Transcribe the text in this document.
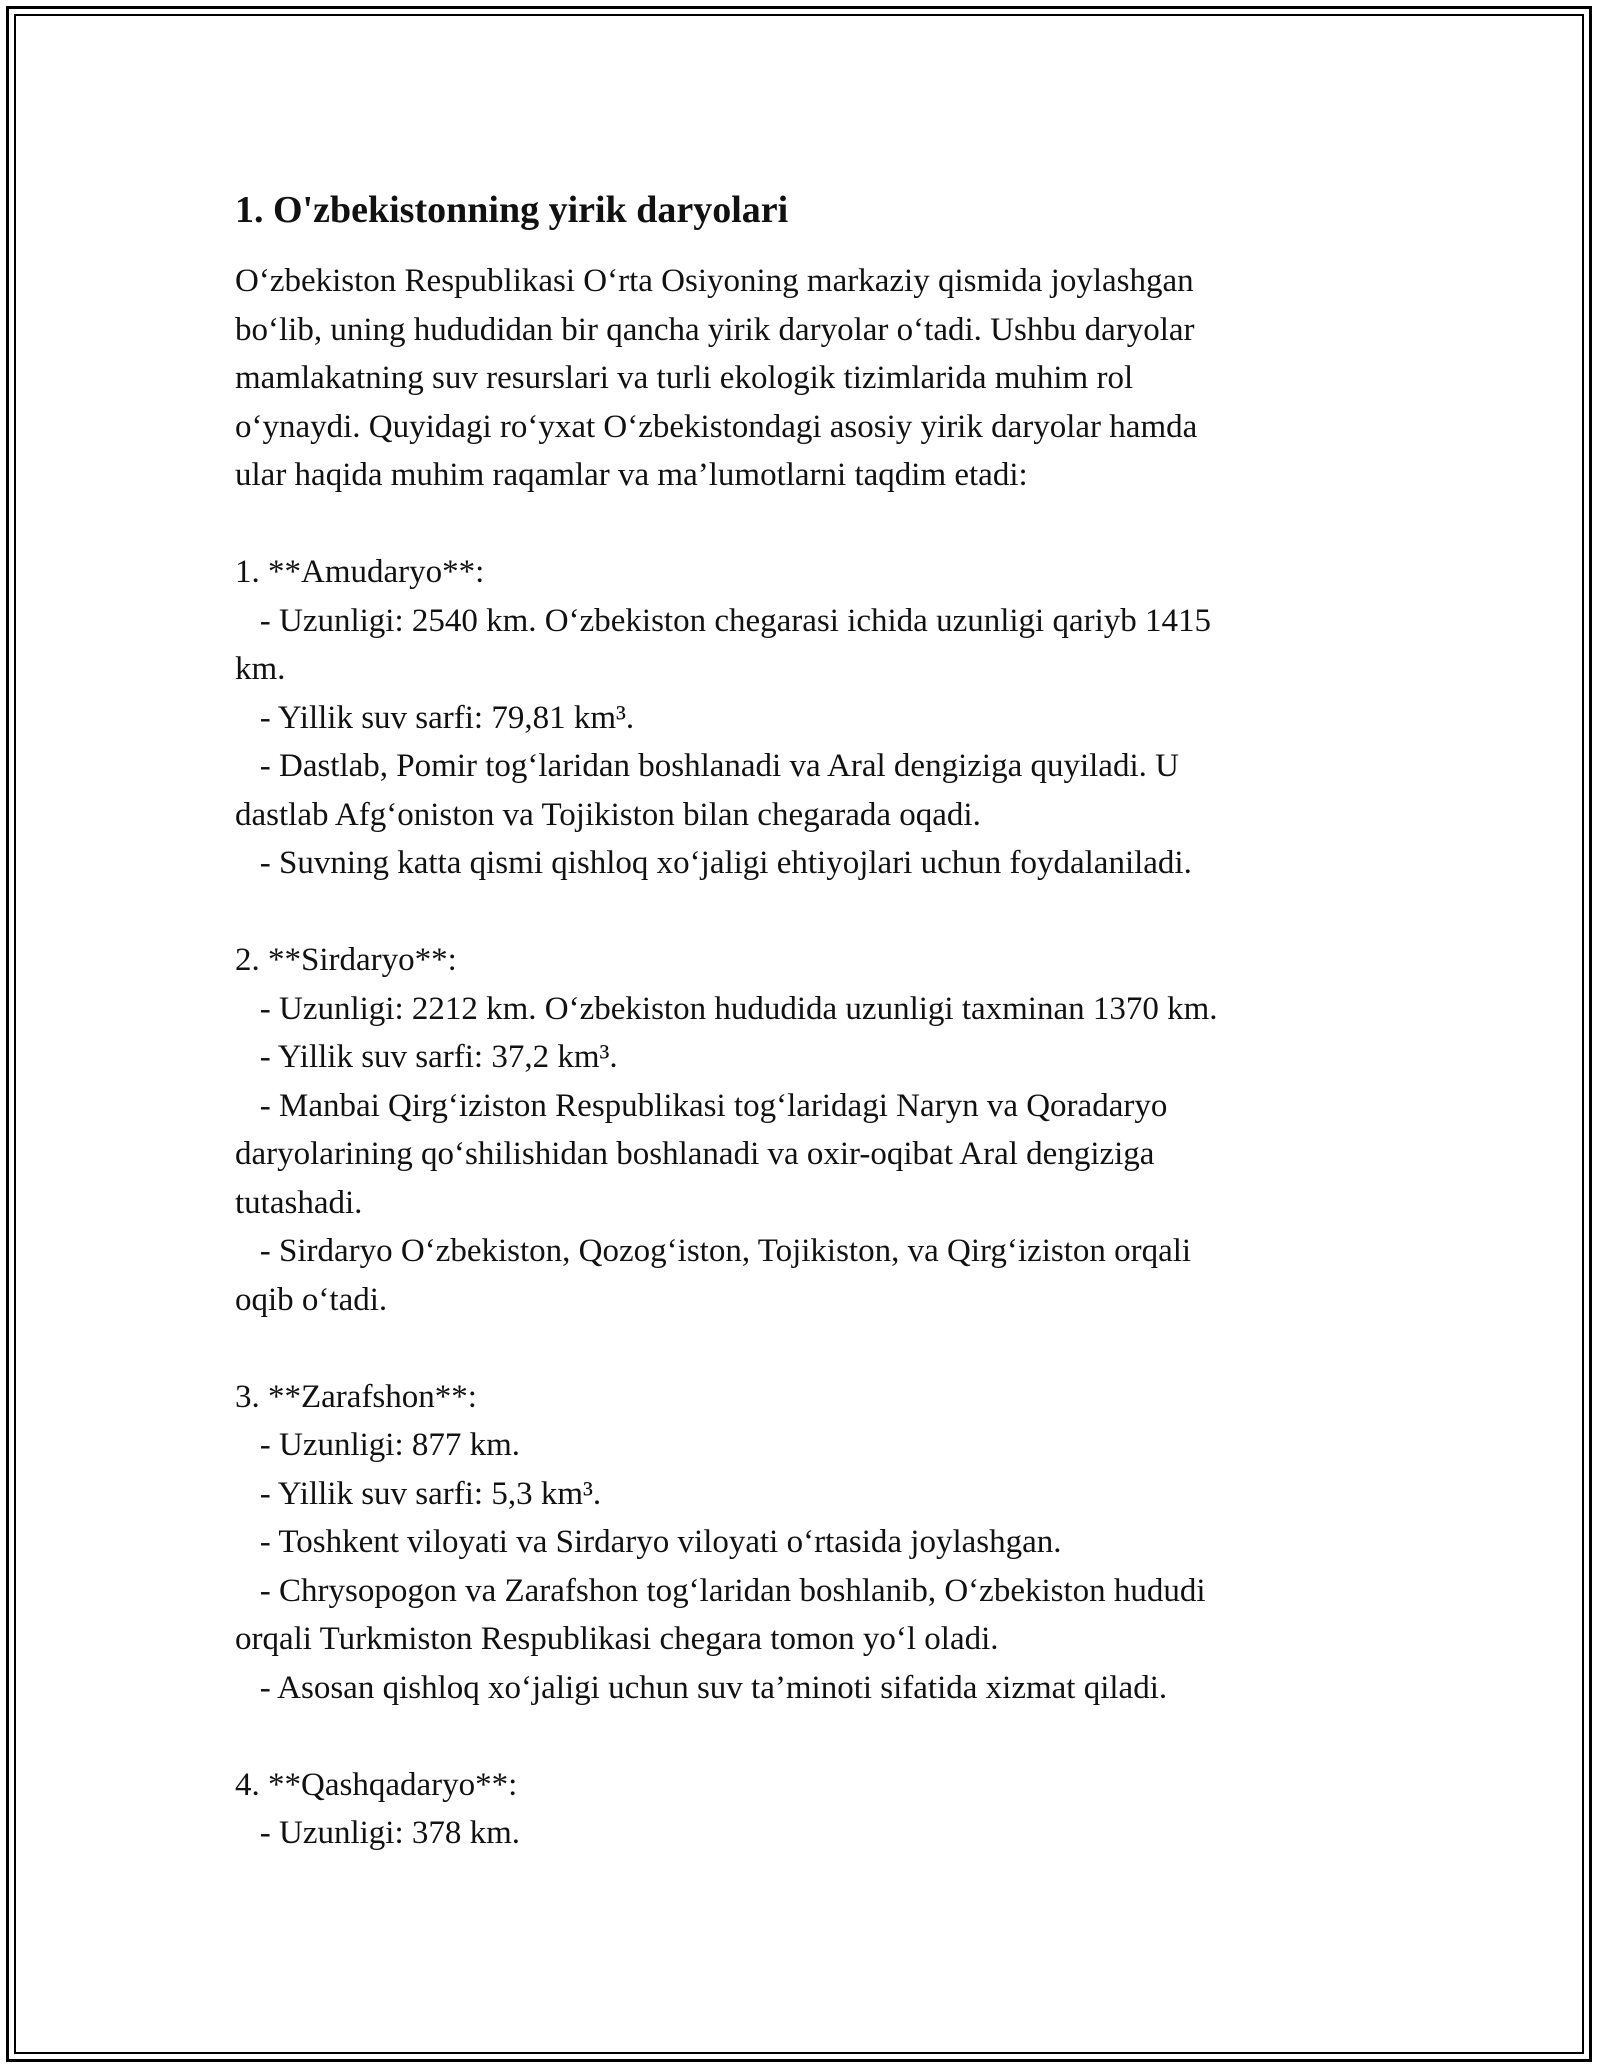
1. O'zbekistonning yirik daryolari

O‘zbekiston Respublikasi O‘rta Osiyoning markaziy qismida joylashgan

bo‘lib, uning hududidan bir qancha yirik daryolar o‘tadi. Ushbu daryolar

mamlakatning suv resurslari va turli ekologik tizimlarida muhim rol

o‘ynaydi. Quyidagi ro‘yxat O‘zbekistondagi asosiy yirik daryolar hamda

ular haqida muhim raqamlar va ma’lumotlarni taqdim etadi:

1. **Amudaryo**:

- Uzunligi: 2540 km. O‘zbekiston chegarasi ichida uzunligi qariyb 1415

km.

- Yillik suv sarfi: 79,81 km³.

- Dastlab, Pomir tog‘laridan boshlanadi va Aral dengiziga quyiladi. U

dastlab Afg‘oniston va Tojikiston bilan chegarada oqadi.

- Suvning katta qismi qishloq xo‘jaligi ehtiyojlari uchun foydalaniladi.

2. **Sirdaryo**:

- Uzunligi: 2212 km. O‘zbekiston hududida uzunligi taxminan 1370 km.

- Yillik suv sarfi: 37,2 km³.

- Manbai Qirg‘iziston Respublikasi tog‘laridagi Naryn va Qoradaryo

daryolarining qo‘shilishidan boshlanadi va oxir-oqibat Aral dengiziga

tutashadi.

- Sirdaryo O‘zbekiston, Qozog‘iston, Tojikiston, va Qirg‘iziston orqali

oqib o‘tadi.

3. **Zarafshon**:

- Uzunligi: 877 km.

- Yillik suv sarfi: 5,3 km³.

- Toshkent viloyati va Sirdaryo viloyati o‘rtasida joylashgan.

- Chrysopogon va Zarafshon tog‘laridan boshlanib, O‘zbekiston hududi

orqali Turkmiston Respublikasi chegara tomon yo‘l oladi.

- Asosan qishloq xo‘jaligi uchun suv ta’minoti sifatida xizmat qiladi.

4. **Qashqadaryo**:

- Uzunligi: 378 km.
